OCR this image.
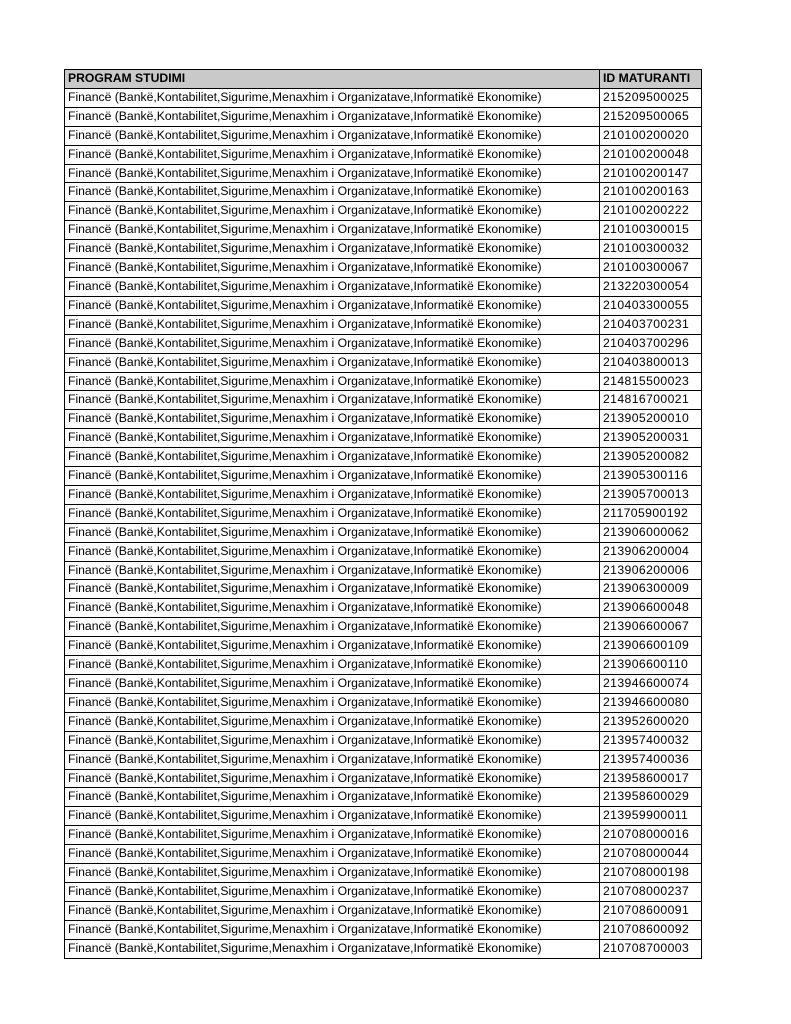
PROGRAM STUDIMI	ID MATURANTI
Financë (Bankë,Kontabilitet,Sigurime,Menaxhim i Organizatave,Informatikë Ekonomike)	215209500025
Financë (Bankë,Kontabilitet,Sigurime,Menaxhim i Organizatave,Informatikë Ekonomike)	215209500065
Financë (Bankë,Kontabilitet,Sigurime,Menaxhim i Organizatave,Informatikë Ekonomike)	210100200020
Financë (Bankë,Kontabilitet,Sigurime,Menaxhim i Organizatave,Informatikë Ekonomike)	210100200048
Financë (Bankë,Kontabilitet,Sigurime,Menaxhim i Organizatave,Informatikë Ekonomike)	210100200147
Financë (Bankë,Kontabilitet,Sigurime,Menaxhim i Organizatave,Informatikë Ekonomike)	210100200163
Financë (Bankë,Kontabilitet,Sigurime,Menaxhim i Organizatave,Informatikë Ekonomike)	210100200222
Financë (Bankë,Kontabilitet,Sigurime,Menaxhim i Organizatave,Informatikë Ekonomike)	210100300015
Financë (Bankë,Kontabilitet,Sigurime,Menaxhim i Organizatave,Informatikë Ekonomike)	210100300032
Financë (Bankë,Kontabilitet,Sigurime,Menaxhim i Organizatave,Informatikë Ekonomike)	210100300067
Financë (Bankë,Kontabilitet,Sigurime,Menaxhim i Organizatave,Informatikë Ekonomike)	213220300054
Financë (Bankë,Kontabilitet,Sigurime,Menaxhim i Organizatave,Informatikë Ekonomike)	210403300055
Financë (Bankë,Kontabilitet,Sigurime,Menaxhim i Organizatave,Informatikë Ekonomike)	210403700231
Financë (Bankë,Kontabilitet,Sigurime,Menaxhim i Organizatave,Informatikë Ekonomike)	210403700296
Financë (Bankë,Kontabilitet,Sigurime,Menaxhim i Organizatave,Informatikë Ekonomike)	210403800013
Financë (Bankë,Kontabilitet,Sigurime,Menaxhim i Organizatave,Informatikë Ekonomike)	214815500023
Financë (Bankë,Kontabilitet,Sigurime,Menaxhim i Organizatave,Informatikë Ekonomike)	214816700021
Financë (Bankë,Kontabilitet,Sigurime,Menaxhim i Organizatave,Informatikë Ekonomike)	213905200010
Financë (Bankë,Kontabilitet,Sigurime,Menaxhim i Organizatave,Informatikë Ekonomike)	213905200031
Financë (Bankë,Kontabilitet,Sigurime,Menaxhim i Organizatave,Informatikë Ekonomike)	213905200082
Financë (Bankë,Kontabilitet,Sigurime,Menaxhim i Organizatave,Informatikë Ekonomike)	213905300116
Financë (Bankë,Kontabilitet,Sigurime,Menaxhim i Organizatave,Informatikë Ekonomike)	213905700013
Financë (Bankë,Kontabilitet,Sigurime,Menaxhim i Organizatave,Informatikë Ekonomike)	211705900192
Financë (Bankë,Kontabilitet,Sigurime,Menaxhim i Organizatave,Informatikë Ekonomike)	213906000062
Financë (Bankë,Kontabilitet,Sigurime,Menaxhim i Organizatave,Informatikë Ekonomike)	213906200004
Financë (Bankë,Kontabilitet,Sigurime,Menaxhim i Organizatave,Informatikë Ekonomike)	213906200006
Financë (Bankë,Kontabilitet,Sigurime,Menaxhim i Organizatave,Informatikë Ekonomike)	213906300009
Financë (Bankë,Kontabilitet,Sigurime,Menaxhim i Organizatave,Informatikë Ekonomike)	213906600048
Financë (Bankë,Kontabilitet,Sigurime,Menaxhim i Organizatave,Informatikë Ekonomike)	213906600067
Financë (Bankë,Kontabilitet,Sigurime,Menaxhim i Organizatave,Informatikë Ekonomike)	213906600109
Financë (Bankë,Kontabilitet,Sigurime,Menaxhim i Organizatave,Informatikë Ekonomike)	213906600110
Financë (Bankë,Kontabilitet,Sigurime,Menaxhim i Organizatave,Informatikë Ekonomike)	213946600074
Financë (Bankë,Kontabilitet,Sigurime,Menaxhim i Organizatave,Informatikë Ekonomike)	213946600080
Financë (Bankë,Kontabilitet,Sigurime,Menaxhim i Organizatave,Informatikë Ekonomike)	213952600020
Financë (Bankë,Kontabilitet,Sigurime,Menaxhim i Organizatave,Informatikë Ekonomike)	213957400032
Financë (Bankë,Kontabilitet,Sigurime,Menaxhim i Organizatave,Informatikë Ekonomike)	213957400036
Financë (Bankë,Kontabilitet,Sigurime,Menaxhim i Organizatave,Informatikë Ekonomike)	213958600017
Financë (Bankë,Kontabilitet,Sigurime,Menaxhim i Organizatave,Informatikë Ekonomike)	213958600029
Financë (Bankë,Kontabilitet,Sigurime,Menaxhim i Organizatave,Informatikë Ekonomike)	213959900011
Financë (Bankë,Kontabilitet,Sigurime,Menaxhim i Organizatave,Informatikë Ekonomike)	210708000016
Financë (Bankë,Kontabilitet,Sigurime,Menaxhim i Organizatave,Informatikë Ekonomike)	210708000044
Financë (Bankë,Kontabilitet,Sigurime,Menaxhim i Organizatave,Informatikë Ekonomike)	210708000198
Financë (Bankë,Kontabilitet,Sigurime,Menaxhim i Organizatave,Informatikë Ekonomike)	210708000237
Financë (Bankë,Kontabilitet,Sigurime,Menaxhim i Organizatave,Informatikë Ekonomike)	210708600091
Financë (Bankë,Kontabilitet,Sigurime,Menaxhim i Organizatave,Informatikë Ekonomike)	210708600092
Financë (Bankë,Kontabilitet,Sigurime,Menaxhim i Organizatave,Informatikë Ekonomike)	210708700003
